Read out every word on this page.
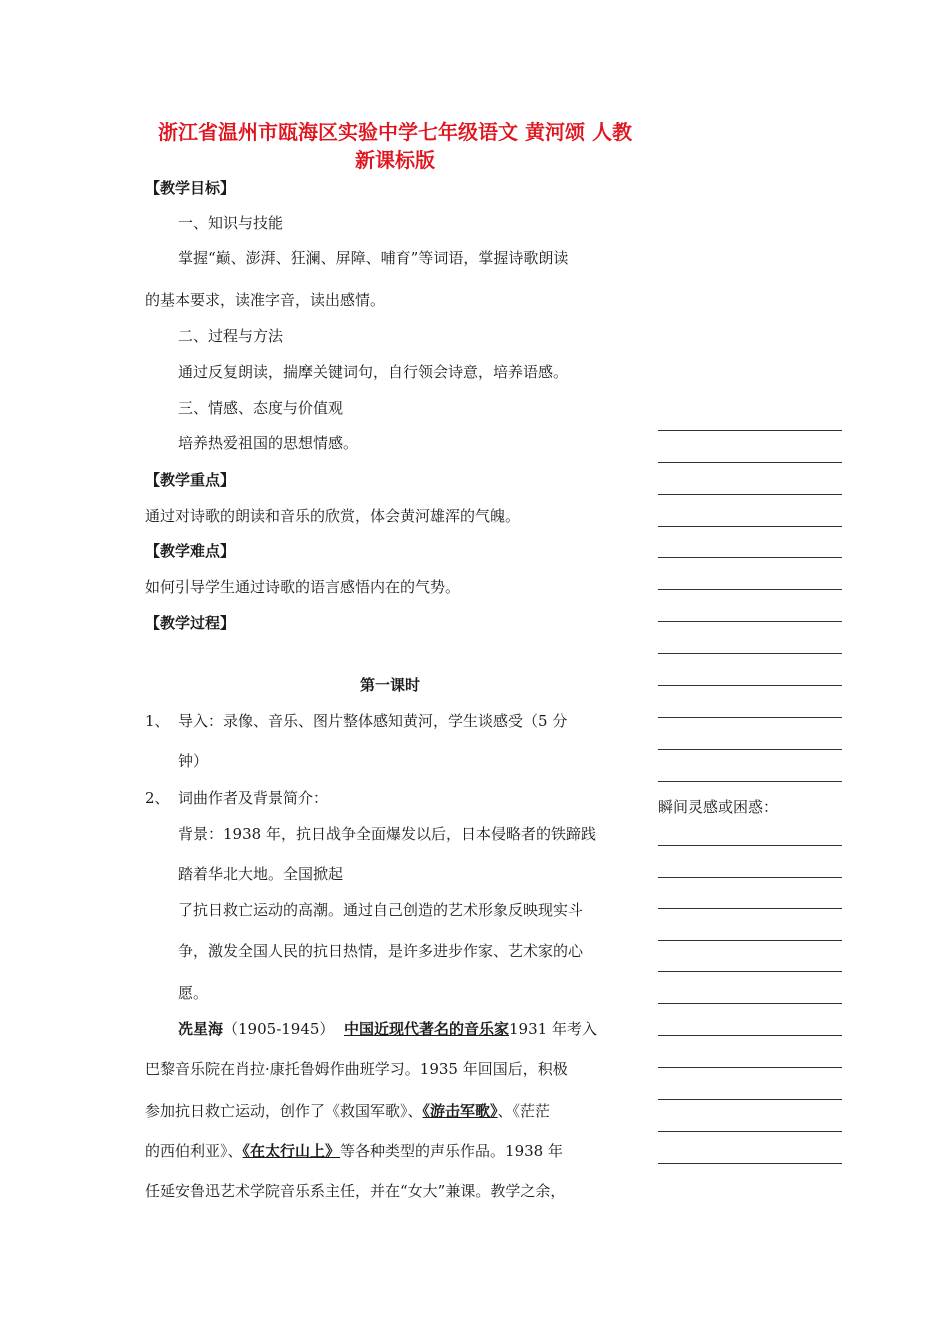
浙江省温州市瓯海区实验中学七年级语文 黄河颂 人教新课标版
【教学目标】
一、知识与技能
掌握“巅、澎湃、狂澜、屏障、哺育”等词语，掌握诗歌朗读
的基本要求，读准字音，读出感情。
二、过程与方法
通过反复朗读，揣摩关键词句，自行领会诗意，培养语感。
三、情感、态度与价值观
培养热爱祖国的思想情感。
【教学重点】
通过对诗歌的朗读和音乐的欣赏，体会黄河雄浑的气魄。
【教学难点】
如何引导学生通过诗歌的语言感悟内在的气势。
【教学过程】
第一课时
1、 导入：录像、音乐、图片整体感知黄河，学生谈感受（5 分
钟）
2、 词曲作者及背景简介：
背景：1938 年，抗日战争全面爆发以后，日本侵略者的铁蹄践
踏着华北大地。全国掀起
了抗日救亡运动的高潮。通过自己创造的艺术形象反映现实斗
争，激发全国人民的抗日热情，是许多进步作家、艺术家的心
愿。
冼星海（1905-1945） 中国近现代著名的音乐家1931 年考入
巴黎音乐院在肖拉·康托鲁姆作曲班学习。1935 年回国后，积极
参加抗日救亡运动，创作了《救国军歌》、《游击军歌》、《茫茫
的西伯利亚》、《在太行山上》等各种类型的声乐作品。1938 年
任延安鲁迅艺术学院音乐系主任，并在“女大”兼课。教学之余，
瞬间灵感或困惑：
